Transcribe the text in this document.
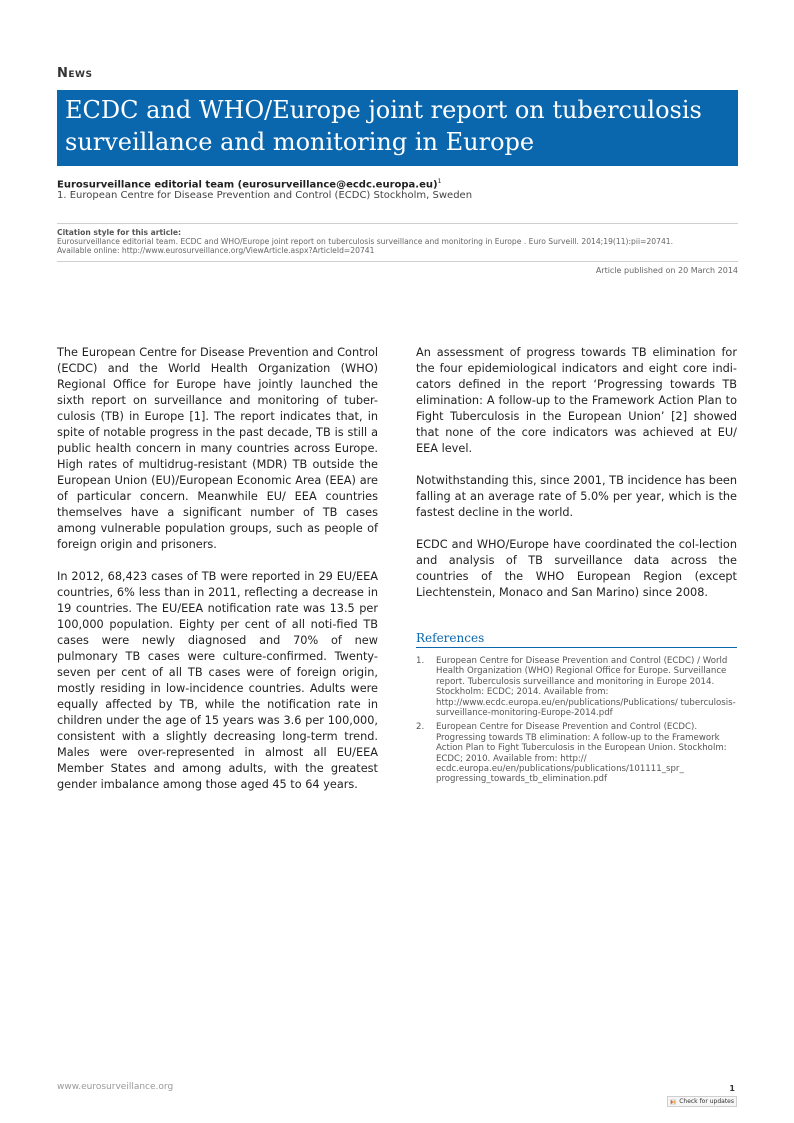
News
ECDC and WHO/Europe joint report on tuberculosis
surveillance and monitoring in Europe
Eurosurveillance editorial team (eurosurveillance@ecdc.europa.eu)$^1$
1. European Centre for Disease Prevention and Control (ECDC) Stockholm, Sweden
Citation style for this article:
Eurosurveillance editorial team. ECDC and WHO/Europe joint report on tuberculosis surveillance and monitoring in Europe . Euro Surveill. 2014;19(11):pii=20741.
Available online: http://www.eurosurveillance.org/ViewArticle.aspx?ArticleId=20741
Article published on 20 March 2014

The European Centre for Disease Prevention and Control (ECDC) and the World Health Organization (WHO) Regional Office for Europe have jointly launched the sixth report on surveillance and monitoring of tuber-culosis (TB) in Europe [1]. The report indicates that, in spite of notable progress in the past decade, TB is still a public health concern in many countries across Europe. High rates of multidrug-resistant (MDR) TB outside the European Union (EU)/European Economic Area (EEA) are of particular concern. Meanwhile EU/ EEA countries themselves have a significant number of TB cases among vulnerable population groups, such as people of foreign origin and prisoners.

In 2012, 68,423 cases of TB were reported in 29 EU/EEA countries, 6% less than in 2011, reflecting a decrease in 19 countries. The EU/EEA notification rate was 13.5 per 100,000 population. Eighty per cent of all noti-fied TB cases were newly diagnosed and 70% of new pulmonary TB cases were culture-confirmed. Twenty-seven per cent of all TB cases were of foreign origin, mostly residing in low-incidence countries. Adults were equally affected by TB, while the notification rate in children under the age of 15 years was 3.6 per 100,000, consistent with a slightly decreasing long-term trend. Males were over-represented in almost all EU/EEA Member States and among adults, with the greatest gender imbalance among those aged 45 to 64 years.

An assessment of progress towards TB elimination for the four epidemiological indicators and eight core indi-cators defined in the report ‘Progressing towards TB elimination: A follow-up to the Framework Action Plan to Fight Tuberculosis in the European Union’ [2] showed that none of the core indicators was achieved at EU/ EEA level.

Notwithstanding this, since 2001, TB incidence has been falling at an average rate of 5.0% per year, which is the fastest decline in the world.

ECDC and WHO/Europe have coordinated the col-lection and analysis of TB surveillance data across the countries of the WHO European Region (except Liechtenstein, Monaco and San Marino) since 2008.

References
1. European Centre for Disease Prevention and Control (ECDC) / World Health Organization (WHO) Regional Office for Europe. Surveillance report. Tuberculosis surveillance and monitoring in Europe 2014. Stockholm: ECDC; 2014. Available from: http://www.ecdc.europa.eu/en/publications/Publications/ tuberculosis-surveillance-monitoring-Europe-2014.pdf
2. European Centre for Disease Prevention and Control (ECDC). Progressing towards TB elimination: A follow-up to the Framework Action Plan to Fight Tuberculosis in the European Union. Stockholm: ECDC; 2010. Available from: http:// ecdc.europa.eu/en/publications/publications/101111_spr_ progressing_towards_tb_elimination.pdf
www.eurosurveillance.org	1
Check for updates
